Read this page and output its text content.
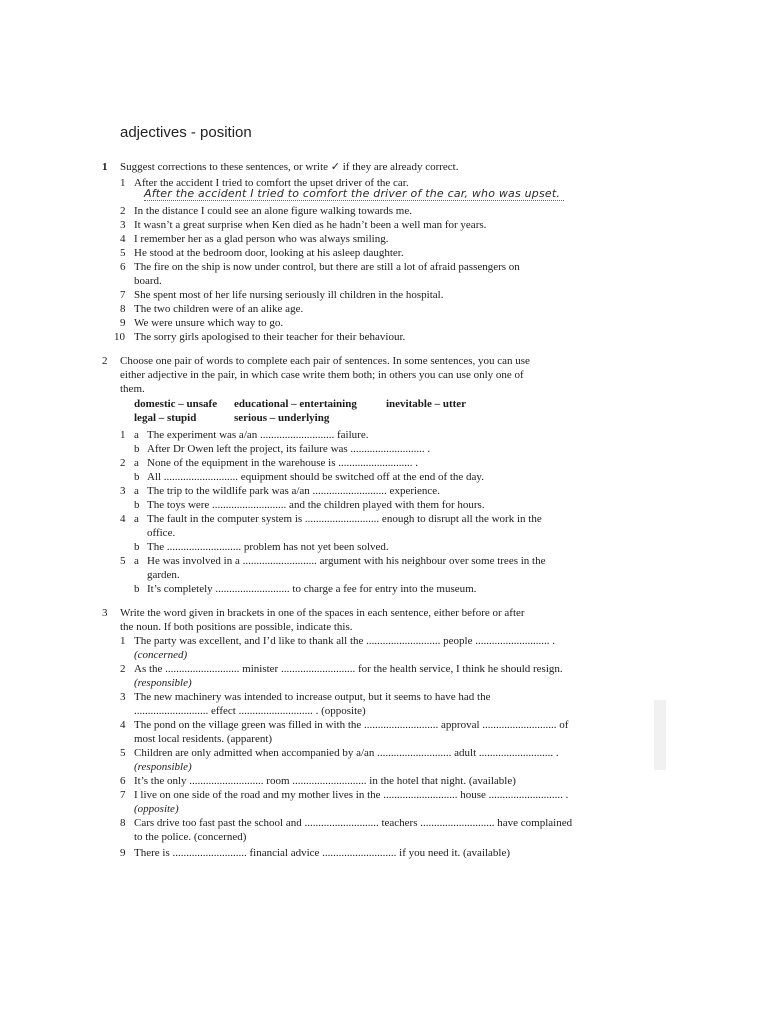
adjectives - position
1 Suggest corrections to these sentences, or write ✓ if they are already correct.
1 After the accident I tried to comfort the upset driver of the car.
2 In the distance I could see an alone figure walking towards me.
3 It wasn’t a great surprise when Ken died as he hadn’t been a well man for years.
4 I remember her as a glad person who was always smiling.
5 He stood at the bedroom door, looking at his asleep daughter.
6 The fire on the ship is now under control, but there are still a lot of afraid passengers on
board.
7 She spent most of her life nursing seriously ill children in the hospital.
8 The two children were of an alike age.
9 We were unsure which way to go.
10 The sorry girls apologised to their teacher for their behaviour.
After the accident I tried to comfort the driver of the car, who was upset.
2 Choose one pair of words to complete each pair of sentences. In some sentences, you can use
either adjective in the pair, in which case write them both; in others you can use only one of
them.
domestic – unsafe educational – entertaining	inevitable – utter
legal – stupid	serious – underlying
1 a The experiment was a/an ........................... failure.
b After Dr Owen left the project, its failure was ........................... .
2 a None of the equipment in the warehouse is ........................... .
b All ........................... equipment should be switched off at the end of the day.
3 a The trip to the wildlife park was a/an ........................... experience.
b The toys were ........................... and the children played with them for hours.
4 a The fault in the computer system is ........................... enough to disrupt all the work in the
office.
b The ........................... problem has not yet been solved.
5 a He was involved in a ........................... argument with his neighbour over some trees in the
garden.
b It’s completely ........................... to charge a fee for entry into the museum.
3 Write the word given in brackets in one of the spaces in each sentence, either before or after
the noun. If both positions are possible, indicate this.
1 The party was excellent, and I’d like to thank all the ........................... people ........................... .
(concerned)
2 As the ........................... minister ........................... for the health service, I think he should resign.
(responsible)
3 The new machinery was intended to increase output, but it seems to have had the
........................... effect ........................... . (opposite)
4 The pond on the village green was filled in with the ........................... approval ........................... of
most local residents. (apparent)
5 Children are only admitted when accompanied by a/an ........................... adult ........................... .
(responsible)
6 It’s the only ........................... room ........................... in the hotel that night. (available)
7 I live on one side of the road and my mother lives in the ........................... house ........................... .
(opposite)
8 Cars drive too fast past the school and ........................... teachers ........................... have complained
to the police. (concerned)
9 There is ........................... financial advice ........................... if you need it. (available)
